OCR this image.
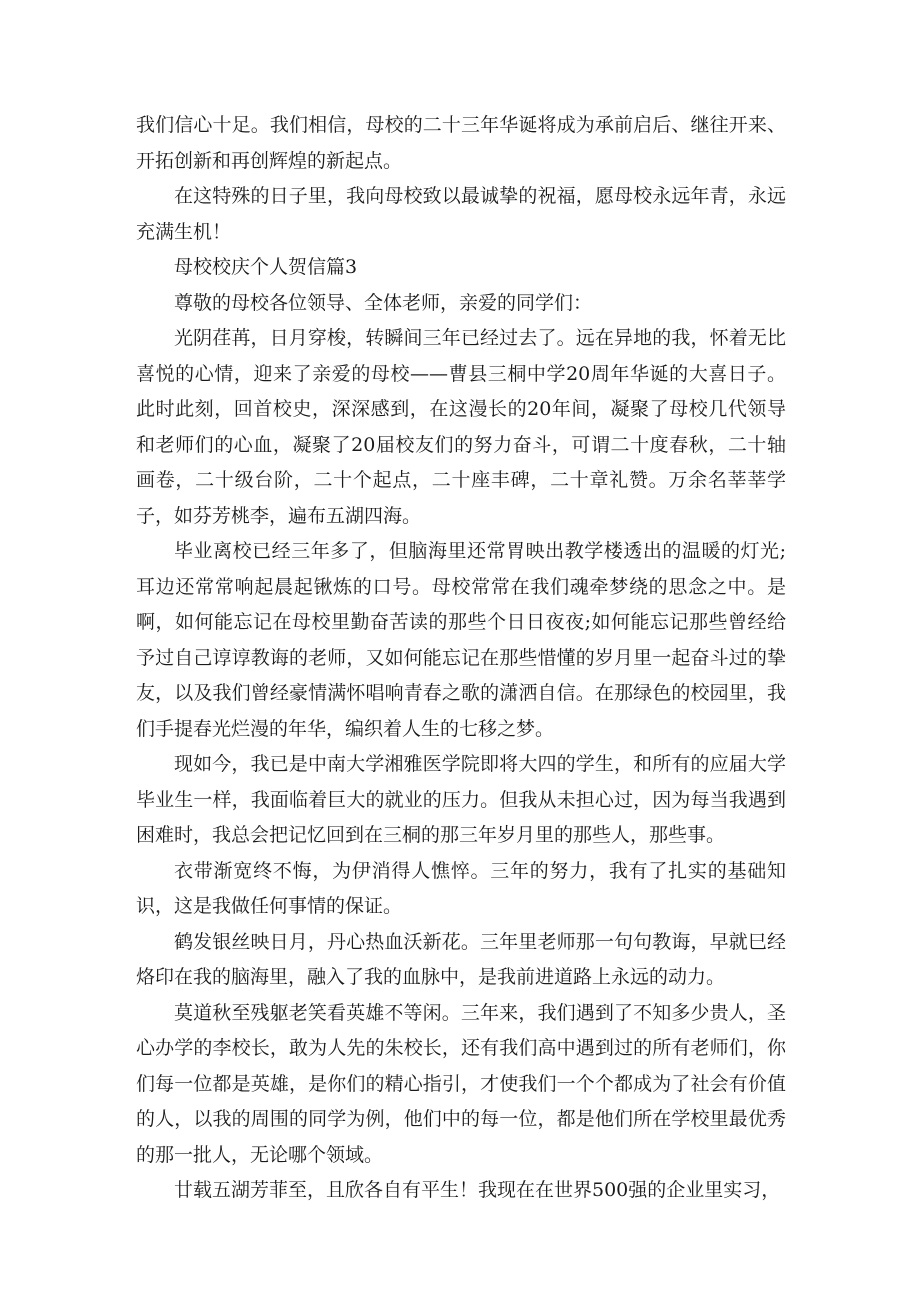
我们信心十足。我们相信，母校的二十三年华诞将成为承前启后、继往开来、开拓创新和再创辉煌的新起点。

在这特殊的日子里，我向母校致以最诚挚的祝福，愿母校永远年青，永远充满生机！

母校校庆个人贺信篇3

尊敬的母校各位领导、全体老师，亲爱的同学们：

光阴荏苒，日月穿梭，转瞬间三年已经过去了。远在异地的我，怀着无比喜悦的心情，迎来了亲爱的母校——曹县三桐中学20周年华诞的大喜日子。此时此刻，回首校史，深深感到，在这漫长的20年间，凝聚了母校几代领导和老师们的心血，凝聚了20届校友们的努力奋斗，可谓二十度春秋，二十轴画卷，二十级台阶，二十个起点，二十座丰碑，二十章礼赞。万余名莘莘学子，如芬芳桃李，遍布五湖四海。

毕业离校已经三年多了，但脑海里还常胃映出教学楼透出的温暖的灯光;耳边还常常响起晨起锹炼的口号。母校常常在我们魂牵梦绕的思念之中。是啊，如何能忘记在母校里勤奋苦读的那些个日日夜夜;如何能忘记那些曾经给予过自己谆谆教诲的老师，又如何能忘记在那些惜懂的岁月里一起奋斗过的挚友，以及我们曾经豪情满怀唱响青春之歌的潇洒自信。在那绿色的校园里，我们手提春光烂漫的年华，编织着人生的七移之梦。

现如今，我已是中南大学湘雅医学院即将大四的学生，和所有的应届大学毕业生一样，我面临着巨大的就业的压力。但我从未担心过，因为每当我遇到困难时，我总会把记忆回到在三桐的那三年岁月里的那些人，那些事。

衣带渐宽终不悔，为伊消得人憔悴。三年的努力，我有了扎实的基础知识，这是我做任何事情的保证。

鹤发银丝映日月，丹心热血沃新花。三年里老师那一句句教诲，早就巳经烙印在我的脑海里，融入了我的血脉中，是我前进道路上永远的动力。

莫道秋至残躯老笑看英雄不等闲。三年来，我们遇到了不知多少贵人，圣心办学的李校长，敢为人先的朱校长，还有我们高中遇到过的所有老师们，你们每一位都是英雄，是你们的精心指引，才使我们一个个都成为了社会有价值的人，以我的周围的同学为例，他们中的每一位，都是他们所在学校里最优秀的那一批人，无论哪个领域。

廿载五湖芳菲至，且欣各自有平生！我现在在世界500强的企业里实习，
